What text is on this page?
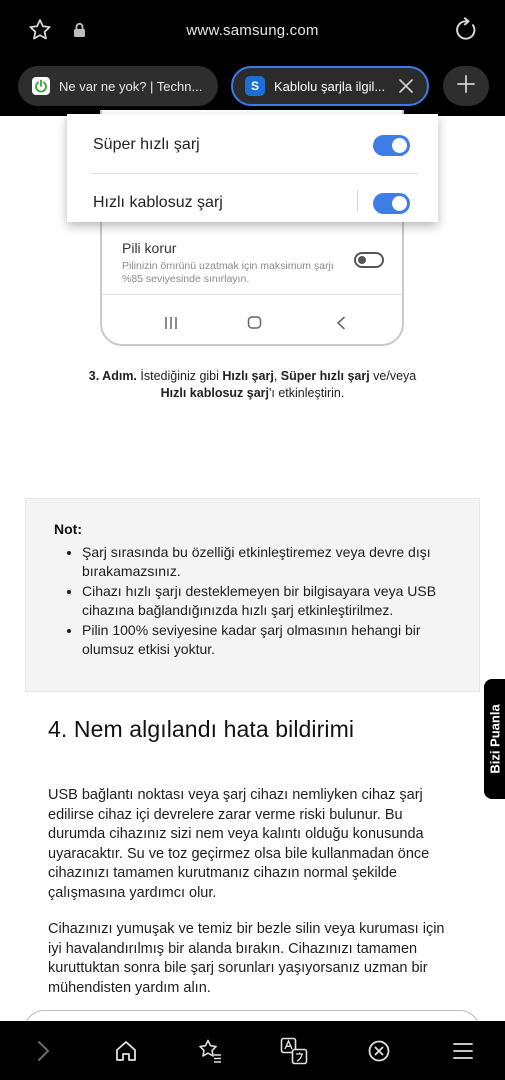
www.samsung.com
Ne var ne yok? | Techn...	S Kablolu şarjla ilgil...
Pili korur
Pilinizin ömrünü uzatmak için maksimum şarjı %85 seviyesinde sınırlayın.
Süper hızlı şarj
Hızlı kablosuz şarj
3. Adım. İstediğiniz gibi Hızlı şarj, Süper hızlı şarj ve/veya
Hızlı kablosuz şarj'ı etkinleştirin.
Not:
• Şarj sırasında bu özelliği etkinleştiremez veya devre dışı bırakamazsınız.
• Cihazı hızlı şarjı desteklemeyen bir bilgisayara veya USB cihazına bağlandığınızda hızlı şarj etkinleştirilmez.
• Pilin 100% seviyesine kadar şarj olmasının hehangi bir olumsuz etkisi yoktur.
4. Nem algılandı hata bildirimi
USB bağlantı noktası veya şarj cihazı nemliyken cihaz şarj edilirse cihaz içi devrelere zarar verme riski bulunur. Bu durumda cihazınız sizi nem veya kalıntı olduğu konusunda uyaracaktır. Su ve toz geçirmez olsa bile kullanmadan önce cihazınızı tamamen kurutmanız cihazın normal şekilde çalışmasına yardımcı olur.
Cihazınızı yumuşak ve temiz bir bezle silin veya kuruması için iyi havalandırılmış bir alanda bırakın. Cihazınızı tamamen kuruttuktan sonra bile şarj sorunları yaşıyorsanız uzman bir mühendisten yardım alın.
Bizi Puanla
